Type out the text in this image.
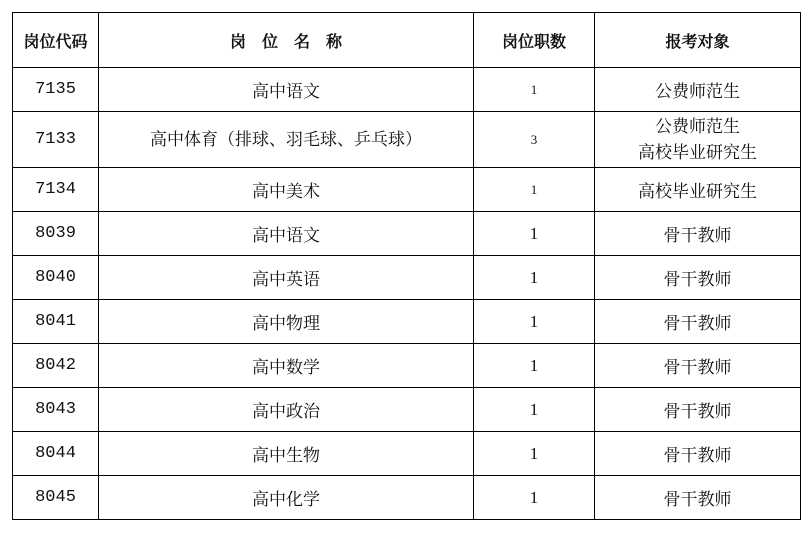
岗位代码	岗　位　名　称	岗位职数	报考对象
7135	高中语文	1	公费师范生

7133	高中体育（排球、羽毛球、乒乓球）	3	公费师范生
高校毕业研究生

7134	高中美术	1	高校毕业研究生

8039	高中语文	1	骨干教师

8040	高中英语	1	骨干教师

8041	高中物理	1	骨干教师

8042	高中数学	1	骨干教师

8043	高中政治	1	骨干教师

8044	高中生物	1	骨干教师

8045	高中化学	1	骨干教师
